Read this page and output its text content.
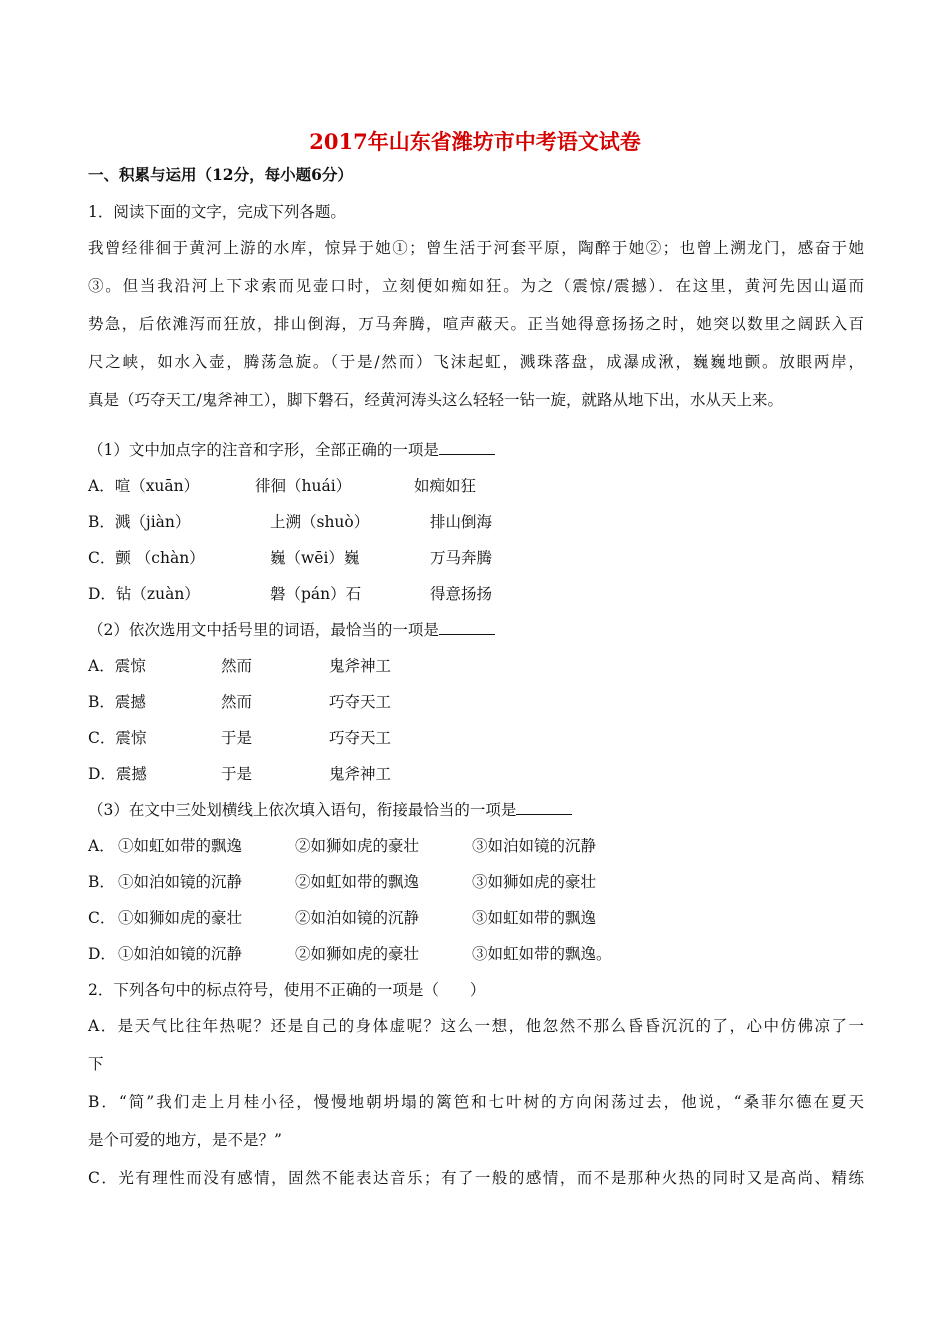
2017年山东省潍坊市中考语文试卷
一、积累与运用（12分，每小题6分）
1．阅读下面的文字，完成下列各题。
我曾经徘徊于黄河上游的水库，惊异于她①；曾生活于河套平原，陶醉于她②；也曾上溯龙门，感奋于她
③。但当我沿河上下求索而见壶口时，立刻便如痴如狂。为之（震惊/震撼）．在这里，黄河先因山逼而
势急，后依滩泻而狂放，排山倒海，万马奔腾，喧声蔽天。正当她得意扬扬之时，她突以数里之阔跃入百
尺之峡，如水入壶，腾荡急旋。（于是/然而）飞沫起虹，溅珠落盘，成瀑成湫，巍巍地颤。放眼两岸，
真是（巧夺天工/鬼斧神工），脚下磐石，经黄河涛头这么轻轻一钻一旋，就路从地下出，水从天上来。
（1）文中加点字的注音和字形，全部正确的一项是
A．喧（xuān）	徘徊（huái）	如痴如狂
B．溅（jiàn）	上溯（shuò）	排山倒海
C．颤 （chàn）	巍（wēi）巍	万马奔腾
D．钻（zuàn）	磐（pán）石	得意扬扬
（2）依次选用文中括号里的词语，最恰当的一项是
A．震惊	然而	鬼斧神工
B．震撼	然而	巧夺天工
C．震惊	于是	巧夺天工
D．震撼	于是	鬼斧神工
（3）在文中三处划横线上依次填入语句，衔接最恰当的一项是
A． ①如虹如带的飘逸	②如狮如虎的豪壮	③如泊如镜的沉静
B． ①如泊如镜的沉静	②如虹如带的飘逸	③如狮如虎的豪壮
C． ①如狮如虎的豪壮	②如泊如镜的沉静	③如虹如带的飘逸
D． ①如泊如镜的沉静	②如狮如虎的豪壮	③如虹如带的飘逸。
2．下列各句中的标点符号，使用不正确的一项是（　　）
A．是天气比往年热呢？还是自己的身体虚呢？这么一想，他忽然不那么昏昏沉沉的了，心中仿佛凉了一
下
B．“简”我们走上月桂小径，慢慢地朝坍塌的篱笆和七叶树的方向闲荡过去，他说，“桑菲尔德在夏天
是个可爱的地方，是不是？”
C．光有理性而没有感情，固然不能表达音乐；有了一般的感情，而不是那种火热的同时又是高尚、精练
